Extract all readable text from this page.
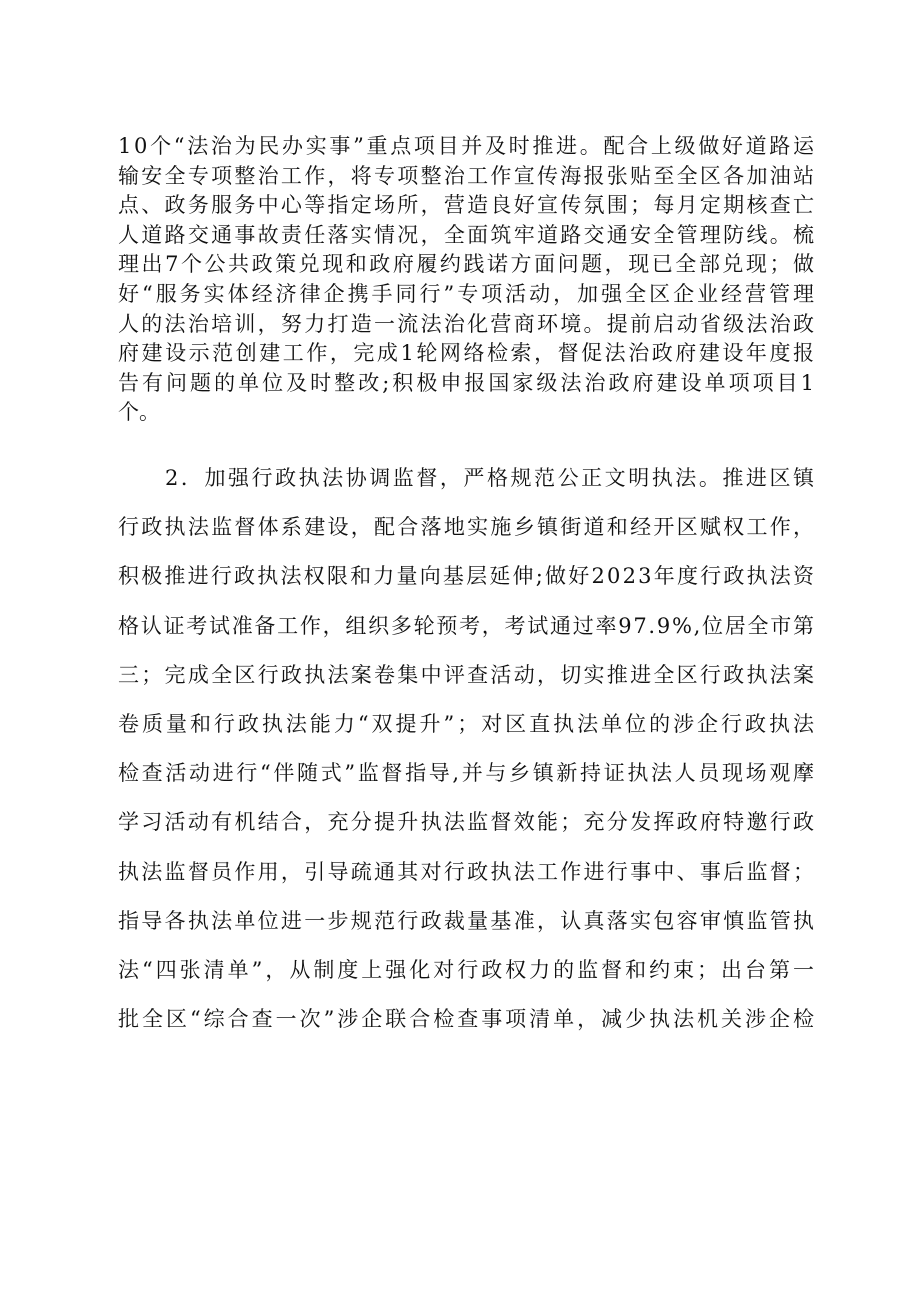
10个“法治为民办实事”重点项目并及时推进。配合上级做好道路运
输安全专项整治工作，将专项整治工作宣传海报张贴至全区各加油站
点、政务服务中心等指定场所，营造良好宣传氛围；每月定期核查亡
人道路交通事故责任落实情况，全面筑牢道路交通安全管理防线。梳
理出7个公共政策兑现和政府履约践诺方面问题，现已全部兑现；做
好“服务实体经济律企携手同行”专项活动，加强全区企业经营管理
人的法治培训，努力打造一流法治化营商环境。提前启动省级法治政
府建设示范创建工作，完成1轮网络检索，督促法治政府建设年度报
告有问题的单位及时整改;积极申报国家级法治政府建设单项项目1
个。
2．加强行政执法协调监督，严格规范公正文明执法。推进区镇
行政执法监督体系建设，配合落地实施乡镇街道和经开区赋权工作，
积极推进行政执法权限和力量向基层延伸;做好2023年度行政执法资
格认证考试准备工作，组织多轮预考，考试通过率97.9%,位居全市第
三；完成全区行政执法案卷集中评查活动，切实推进全区行政执法案
卷质量和行政执法能力“双提升”；对区直执法单位的涉企行政执法
检查活动进行“伴随式”监督指导,并与乡镇新持证执法人员现场观摩
学习活动有机结合，充分提升执法监督效能；充分发挥政府特邀行政
执法监督员作用，引导疏通其对行政执法工作进行事中、事后监督；
指导各执法单位进一步规范行政裁量基准，认真落实包容审慎监管执
法“四张清单”，从制度上强化对行政权力的监督和约束；出台第一
批全区“综合查一次”涉企联合检查事项清单，减少执法机关涉企检
